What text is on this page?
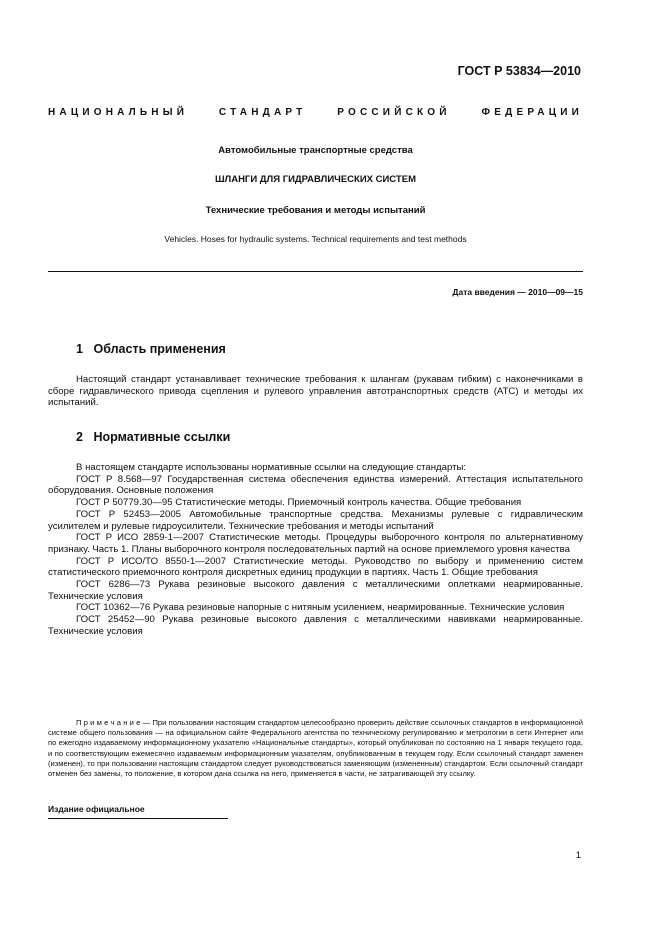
ГОСТ Р 53834—2010
НАЦИОНАЛЬНЫЙ	СТАНДАРТ	РОССИЙСКОЙ	ФЕДЕРАЦИИ
Автомобильные транспортные средства
ШЛАНГИ ДЛЯ ГИДРАВЛИЧЕСКИХ СИСТЕМ
Технические требования и методы испытаний
Vehicles. Hoses for hydraulic systems. Technical requirements and test methods
Дата введения — 2010—09—15
1 Область применения

Настоящий стандарт устанавливает технические требования к шлангам (рукавам гибким) с наконечниками в сборе гидравлического привода сцепления и рулевого управления автотранспортных средств (АТС) и методы их испытаний.

2 Нормативные ссылки

В настоящем стандарте использованы нормативные ссылки на следующие стандарты:

ГОСТ Р 8.568—97 Государственная система обеспечения единства измерений. Аттестация испытательного оборудования. Основные положения

ГОСТ Р 50779.30—95 Статистические методы. Приемочный контроль качества. Общие требования

ГОСТ Р 52453—2005 Автомобильные транспортные средства. Механизмы рулевые с гидравлическим усилителем и рулевые гидроусилители. Технические требования и методы испытаний

ГОСТ Р ИСО 2859-1—2007 Статистические методы. Процедуры выборочного контроля по альтернативному признаку. Часть 1. Планы выборочного контроля последовательных партий на основе приемлемого уровня качества

ГОСТ Р ИСО/ТО 8550-1—2007 Статистические методы. Руководство по выбору и применению систем статистического приемочного контроля дискретных единиц продукции в партиях. Часть 1. Общие требования

ГОСТ 6286—73 Рукава резиновые высокого давления с металлическими оплетками неармированные. Технические условия

ГОСТ 10362—76 Рукава резиновые напорные с нитяным усилением, неармированные. Технические условия

ГОСТ 25452—90 Рукава резиновые высокого давления с металлическими навивками неармированные. Технические условия

П р и м е ч а н и е — При пользовании настоящим стандартом целесообразно проверить действие ссылочных стандартов в информационной системе общего пользования — на официальном сайте Федерального агентства по техническому регулированию и метрологии в сети Интернет или по ежегодно издаваемому информационному указателю «Национальные стандарты», который опубликован по состоянию на 1 января текущего года, и по соответствующим ежемесячно издаваемым информационным указателям, опубликованным в текущем году. Если ссылочный стандарт заменен (изменен), то при пользовании настоящим стандартом следует руководствоваться заменяющим (измененным) стандартом. Если ссылочный стандарт отменен без замены, то положение, в котором дана ссылка на него, применяется в части, не затрагивающей эту ссылку.

Издание официальное
1
